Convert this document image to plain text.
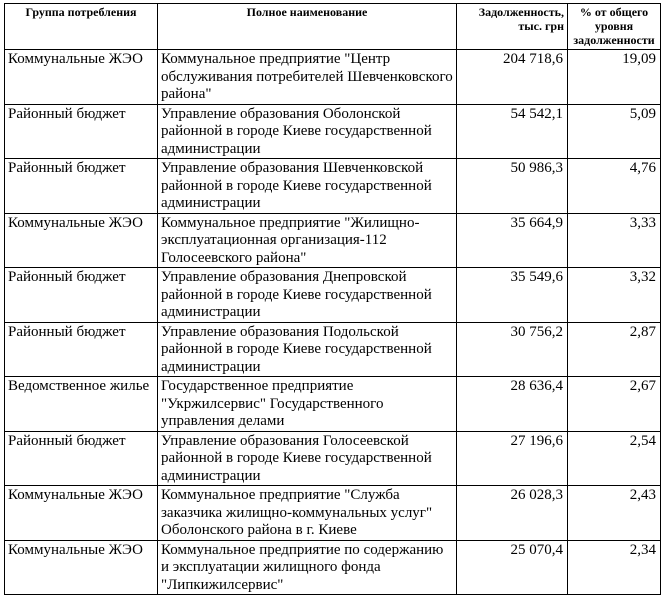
Группа потребления	Полное наименование	Задолженность, тыс. грн	% от общего уровня задолженности
Коммунальные ЖЭО	Коммунальное предприятие "Центр обслуживания потребителей Шевченковского района"	204 718,6	19,09
Районный бюджет	Управление образования Оболонской районной в городе Киеве государственной администрации	54 542,1	5,09
Районный бюджет	Управление образования Шевченковской районной в городе Киеве государственной администрации	50 986,3	4,76
Коммунальные ЖЭО	Коммунальное предприятие "Жилищно-эксплуатационная организация-112 Голосеевского района"	35 664,9	3,33
Районный бюджет	Управление образования Днепровской районной в городе Киеве государственной администрации	35 549,6	3,32
Районный бюджет	Управление образования Подольской районной в городе Киеве государственной администрации	30 756,2	2,87
Ведомственное жилье	Государственное предприятие "Укржилсервис" Государственного управления делами	28 636,4	2,67
Районный бюджет	Управление образования Голосеевской районной в городе Киеве государственной администрации	27 196,6	2,54
Коммунальные ЖЭО	Коммунальное предприятие "Служба заказчика жилищно-коммунальных услуг" Оболонского района в г. Киеве	26 028,3	2,43
Коммунальные ЖЭО	Коммунальное предприятие по содержанию и эксплуатации жилищного фонда "Липкижилсервис"	25 070,4	2,34
